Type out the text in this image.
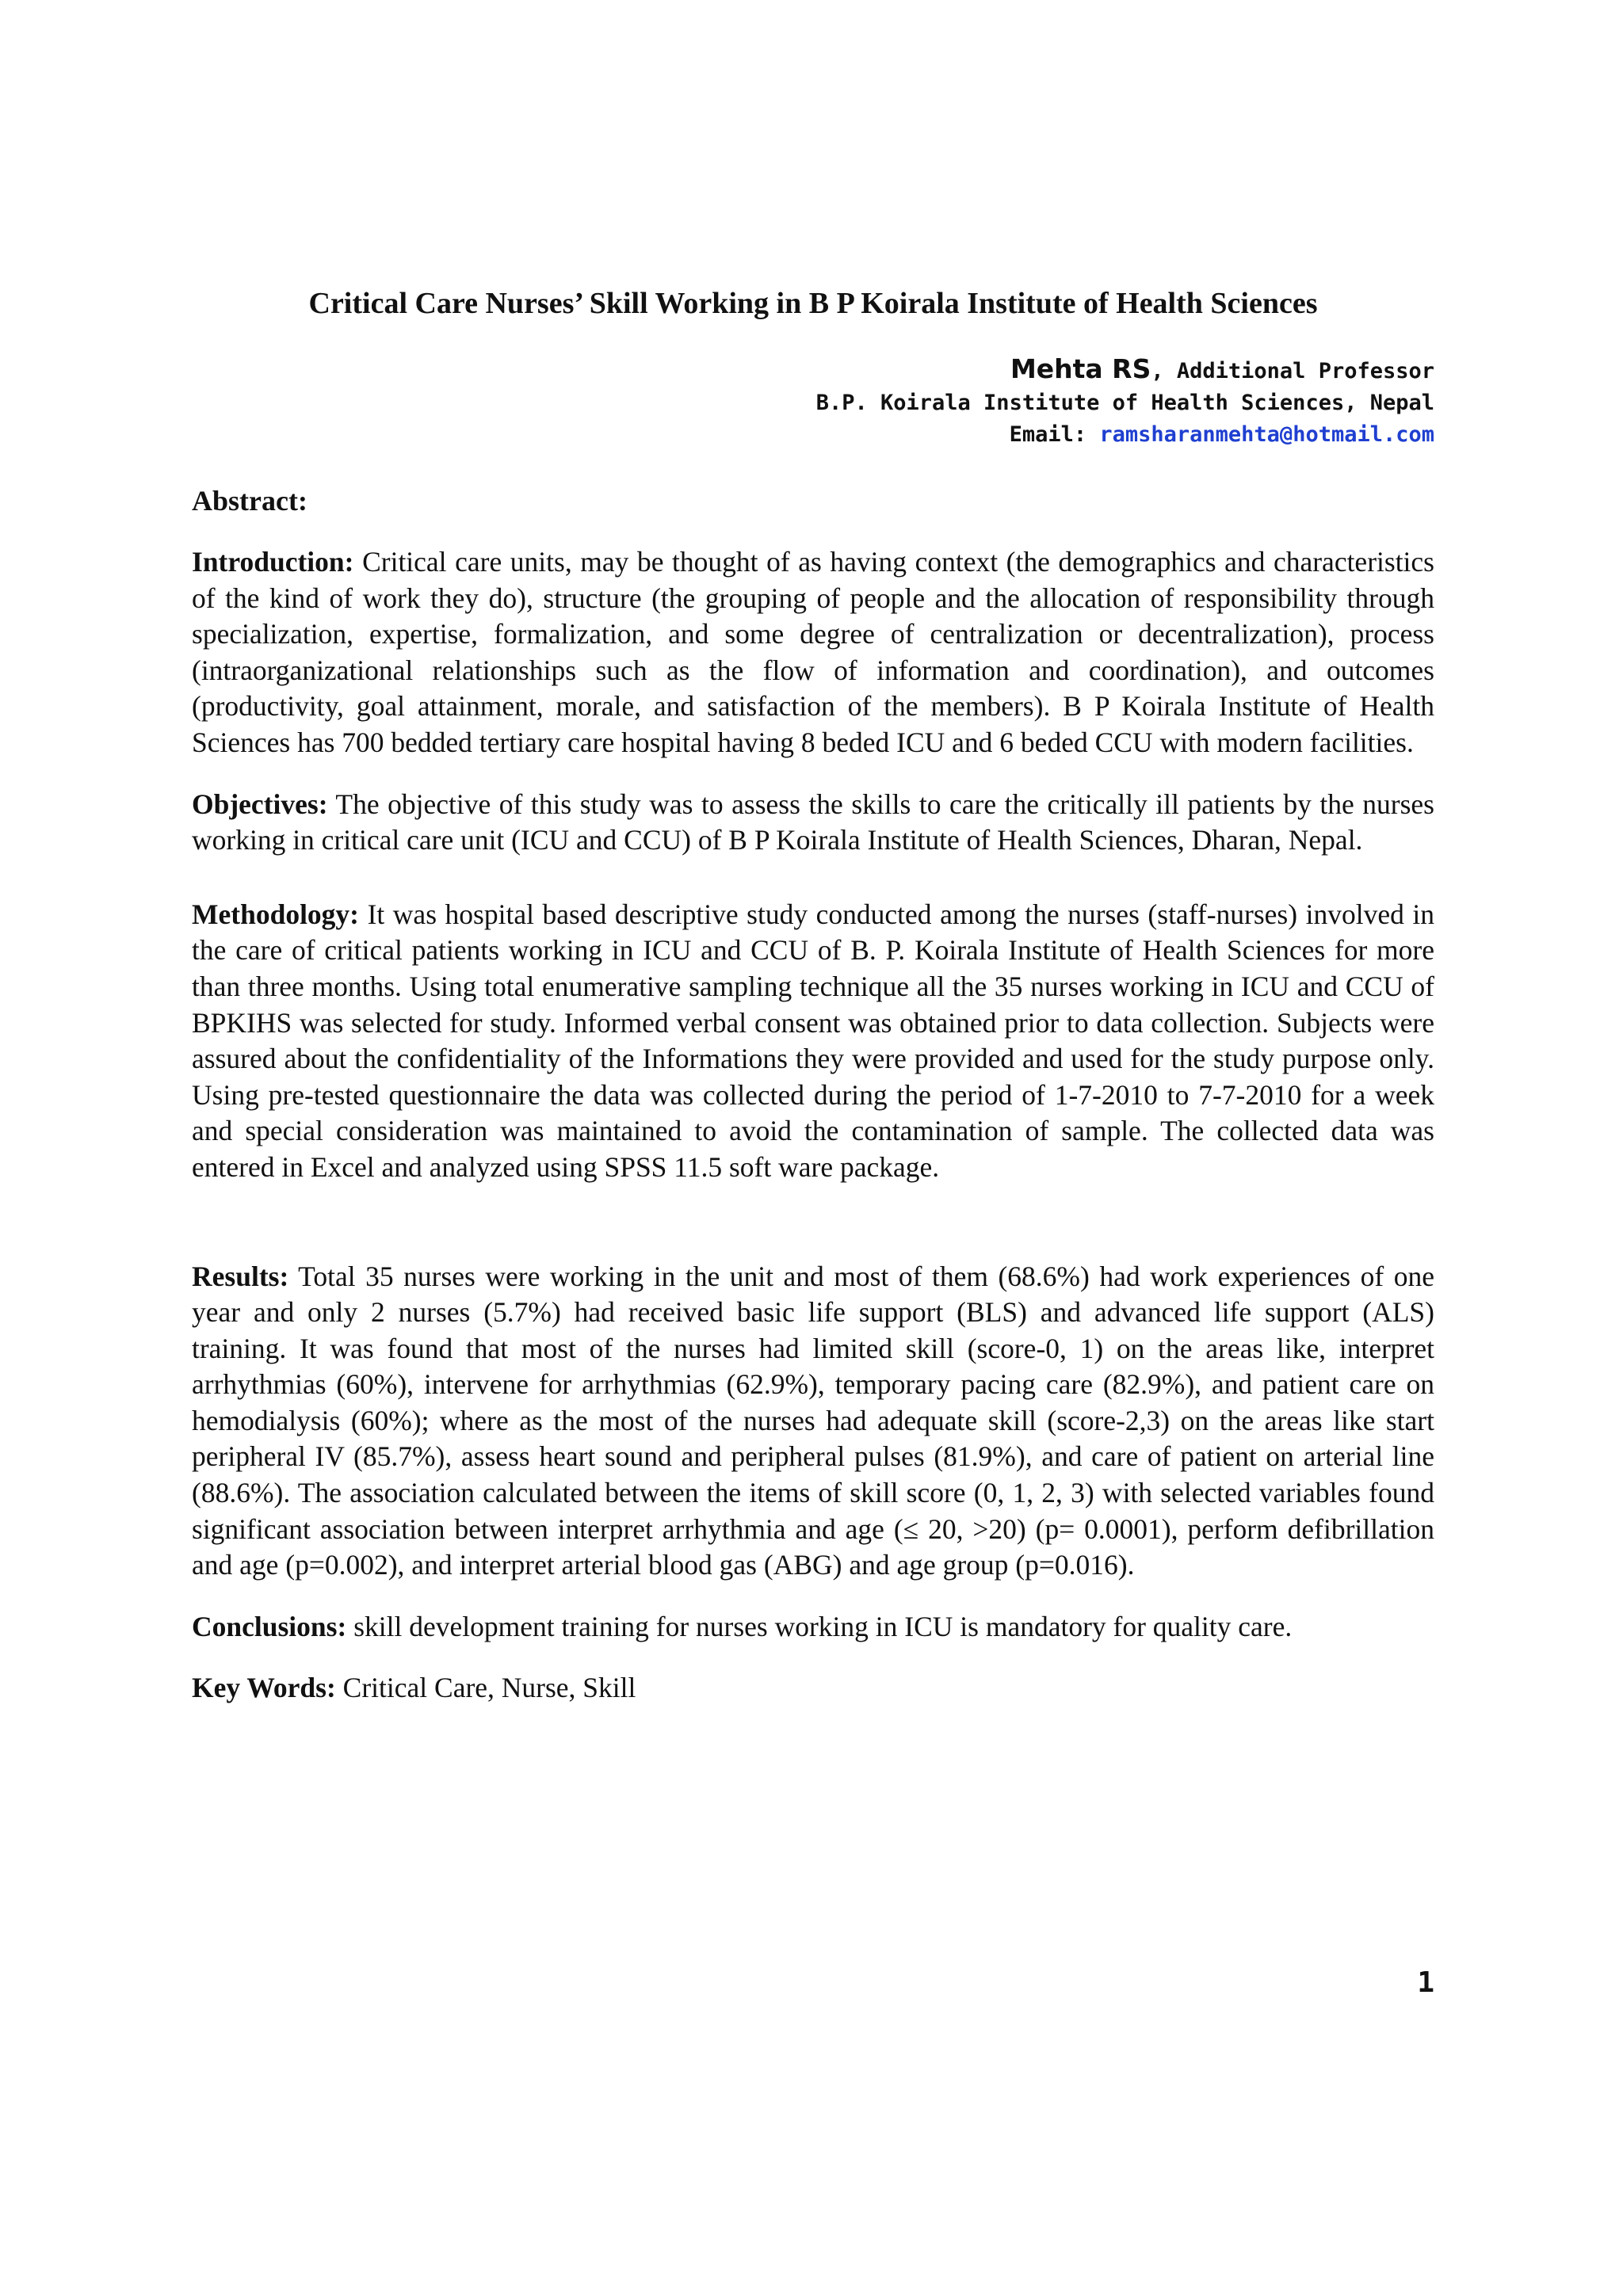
Critical Care Nurses’ Skill Working in B P Koirala Institute of Health Sciences
Mehta RS, Additional Professor
B.P. Koirala Institute of Health Sciences, Nepal
Email: ramsharanmehta@hotmail.com
Abstract:

Introduction: Critical care units, may be thought of as having context (the demographics and characteristics of the kind of work they do), structure (the grouping of people and the allocation of responsibility through specialization, expertise, formalization, and some degree of centralization or decentralization), process (intraorganizational relationships such as the flow of information and coordination), and outcomes (productivity, goal attainment, morale, and satisfaction of the members). B P Koirala Institute of Health Sciences has 700 bedded tertiary care hospital having 8 beded ICU and 6 beded CCU with modern facilities.

Objectives: The objective of this study was to assess the skills to care the critically ill patients by the nurses working in critical care unit (ICU and CCU) of B P Koirala Institute of Health Sciences, Dharan, Nepal.

Methodology: It was hospital based descriptive study conducted among the nurses (staff-nurses) involved in the care of critical patients working in ICU and CCU of B. P. Koirala Institute of Health Sciences for more than three months. Using total enumerative sampling technique all the 35 nurses working in ICU and CCU of BPKIHS was selected for study. Informed verbal consent was obtained prior to data collection. Subjects were assured about the confidentiality of the Informations they were provided and used for the study purpose only. Using pre-tested questionnaire the data was collected during the period of 1-7-2010 to 7-7-2010 for a week and special consideration was maintained to avoid the contamination of sample. The collected data was entered in Excel and analyzed using SPSS 11.5 soft ware package.

Results: Total 35 nurses were working in the unit and most of them (68.6%) had work experiences of one year and only 2 nurses (5.7%) had received basic life support (BLS) and advanced life support (ALS) training. It was found that most of the nurses had limited skill (score-0, 1) on the areas like, interpret arrhythmias (60%), intervene for arrhythmias (62.9%), temporary pacing care (82.9%), and patient care on hemodialysis (60%); where as the most of the nurses had adequate skill (score-2,3) on the areas like start peripheral IV (85.7%), assess heart sound and peripheral pulses (81.9%), and care of patient on arterial line (88.6%). The association calculated between the items of skill score (0, 1, 2, 3) with selected variables found significant association between interpret arrhythmia and age (≤ 20, >20) (p= 0.0001), perform defibrillation and age (p=0.002), and interpret arterial blood gas (ABG) and age group (p=0.016).

Conclusions: skill development training for nurses working in ICU is mandatory for quality care.

Key Words: Critical Care, Nurse, Skill

1
